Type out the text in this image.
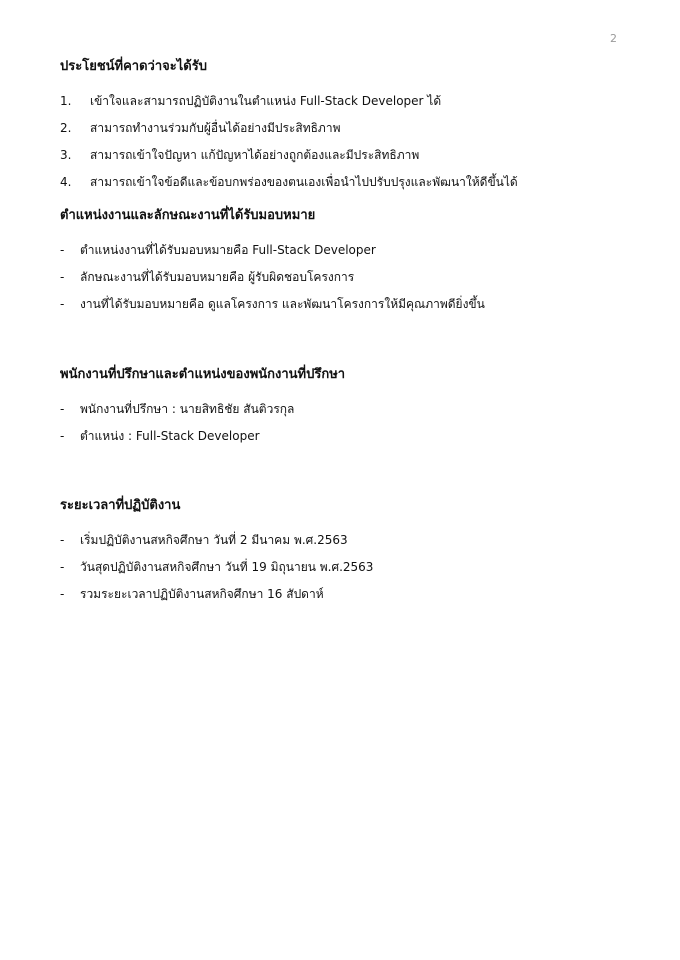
2
ประโยชน์ที่คาดว่าจะได้รับ
1.	เข้าใจและสามารถปฏิบัติงานในตำแหน่ง Full-Stack Developer ได้
2.	สามารถทำงานร่วมกับผู้อื่นได้อย่างมีประสิทธิภาพ
3.	สามารถเข้าใจปัญหา แก้ปัญหาได้อย่างถูกต้องและมีประสิทธิภาพ
4.	สามารถเข้าใจข้อดีและข้อบกพร่องของตนเองเพื่อนำไปปรับปรุงและพัฒนาให้ดีขึ้นได้
ตำแหน่งงานและลักษณะงานที่ได้รับมอบหมาย
-	ตำแหน่งงานที่ได้รับมอบหมายคือ Full-Stack Developer
-	ลักษณะงานที่ได้รับมอบหมายคือ ผู้รับผิดชอบโครงการ
-	งานที่ได้รับมอบหมายคือ ดูแลโครงการ และพัฒนาโครงการให้มีคุณภาพดียิ่งขึ้น
พนักงานที่ปรึกษาและตำแหน่งของพนักงานที่ปรึกษา
-	พนักงานที่ปรึกษา : นายสิทธิชัย สันติวรกุล
-	ตำแหน่ง : Full-Stack Developer
ระยะเวลาที่ปฏิบัติงาน
-	เริ่มปฏิบัติงานสหกิจศึกษา วันที่ 2 มีนาคม พ.ศ.2563
-	วันสุดปฏิบัติงานสหกิจศึกษา วันที่ 19 มิถุนายน พ.ศ.2563
-	รวมระยะเวลาปฏิบัติงานสหกิจศึกษา 16 สัปดาห์
